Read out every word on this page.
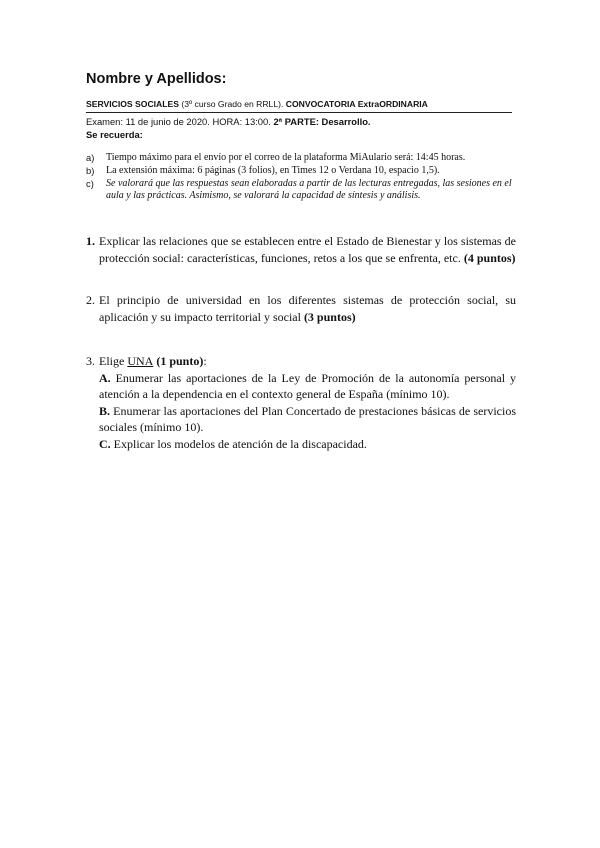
Nombre y Apellidos:
SERVICIOS SOCIALES (3º curso Grado en RRLL). CONVOCATORIA ExtraORDINARIA
Examen: 11 de junio de 2020. HORA: 13:00. 2ª PARTE: Desarrollo.
Se recuerda:
a) Tiempo máximo para el envío por el correo de la plataforma MiAulario será: 14:45 horas.
b) La extensión máxima: 6 páginas (3 folios), en Times 12 o Verdana 10, espacio 1,5).
c) Se valorará que las respuestas sean elaboradas a partir de las lecturas entregadas, las sesiones en el aula y las prácticas. Asimismo, se valorará la capacidad de síntesis y análisis.
1. Explicar las relaciones que se establecen entre el Estado de Bienestar y los sistemas de protección social: características, funciones, retos a los que se enfrenta, etc. (4 puntos)
2. El principio de universidad en los diferentes sistemas de protección social, su aplicación y su impacto territorial y social (3 puntos)
3. Elige UNA (1 punto):
A. Enumerar las aportaciones de la Ley de Promoción de la autonomía personal y atención a la dependencia en el contexto general de España (mínimo 10).
B. Enumerar las aportaciones del Plan Concertado de prestaciones básicas de servicios sociales (mínimo 10).
C. Explicar los modelos de atención de la discapacidad.
